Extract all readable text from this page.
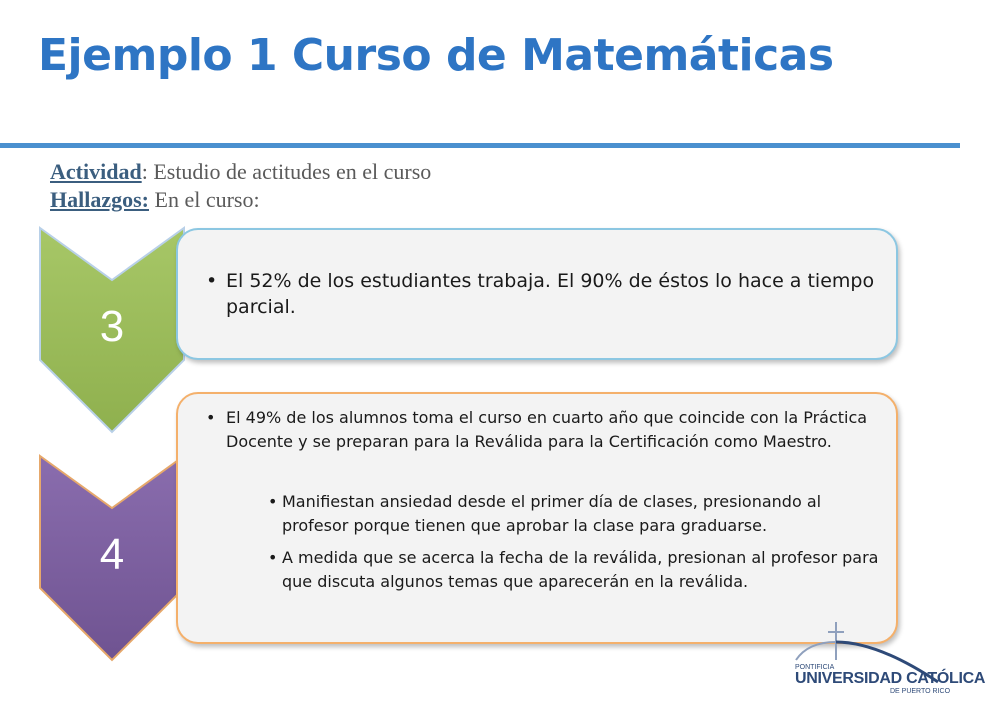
Ejemplo 1 Curso de Matemáticas
Actividad: Estudio de actitudes en el curso
Hallazgos: En el curso:
3
• El 52% de los estudiantes trabaja. El 90% de éstos lo hace a tiempo parcial.
4
• El 49% de los alumnos toma el curso en cuarto año que coincide con la Práctica Docente y se preparan para la Reválida para la Certificación como Maestro.
• Manifiestan ansiedad desde el primer día de clases, presionando al profesor porque tienen que aprobar la clase para graduarse.
• A medida que se acerca la fecha de la reválida, presionan al profesor para que discuta algunos temas que aparecerán en la reválida.
PONTIFICIA
UNIVERSIDAD CATÓLICA
DE PUERTO RICO
